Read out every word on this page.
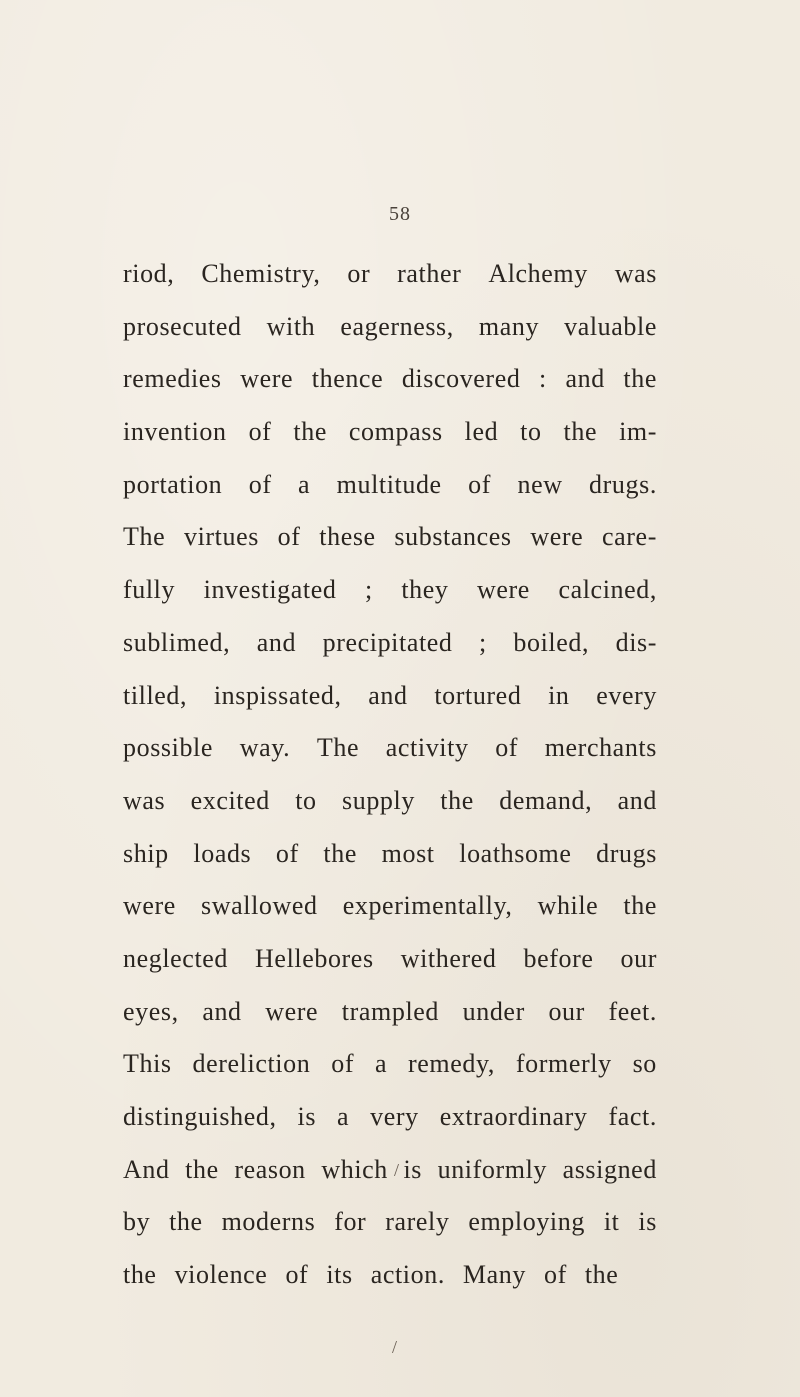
58
riod, Chemistry, or rather Alchemy was
prosecuted with eagerness, many valuable
remedies were thence discovered : and the
invention of the compass led to the im-
portation of a multitude of new drugs.
The virtues of these substances were care-
fully investigated ; they were calcined,
sublimed, and precipitated ; boiled, dis-
tilled, inspissated, and tortured in every
possible way. The activity of merchants
was excited to supply the demand, and
ship loads of the most loathsome drugs
were swallowed experimentally, while the
neglected Hellebores withered before our
eyes, and were trampled under our feet.
This dereliction of a remedy, formerly so
distinguished, is a very extraordinary fact.
And the reason which is uniformly assigned
by the moderns for rarely employing it is
the violence of its action. Many of the
/
/
